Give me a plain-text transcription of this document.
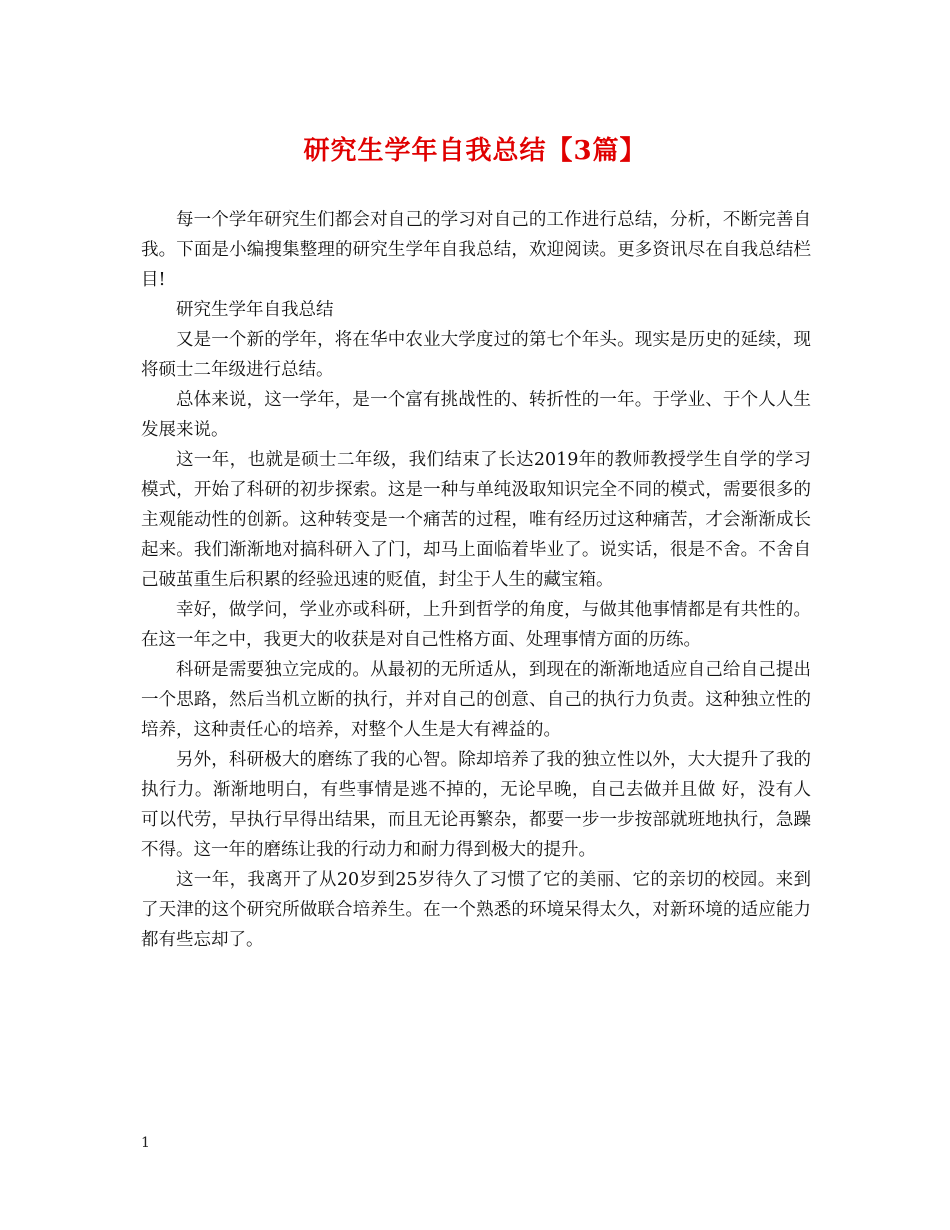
研究生学年自我总结【3篇】

每一个学年研究生们都会对自己的学习对自己的工作进行总结，分析，不断完善自我。下面是小编搜集整理的研究生学年自我总结，欢迎阅读。更多资讯尽在自我总结栏目!

研究生学年自我总结

又是一个新的学年，将在华中农业大学度过的第七个年头。现实是历史的延续，现将硕士二年级进行总结。

总体来说，这一学年，是一个富有挑战性的、转折性的一年。于学业、于个人人生发展来说。

这一年，也就是硕士二年级，我们结束了长达2019年的教师教授学生自学的学习模式，开始了科研的初步探索。这是一种与单纯汲取知识完全不同的模式，需要很多的主观能动性的创新。这种转变是一个痛苦的过程，唯有经历过这种痛苦，才会渐渐成长起来。我们渐渐地对搞科研入了门，却马上面临着毕业了。说实话，很是不舍。不舍自己破茧重生后积累的经验迅速的贬值，封尘于人生的藏宝箱。

幸好，做学问，学业亦或科研，上升到哲学的角度，与做其他事情都是有共性的。在这一年之中，我更大的收获是对自己性格方面、处理事情方面的历练。

科研是需要独立完成的。从最初的无所适从，到现在的渐渐地适应自己给自己提出一个思路，然后当机立断的执行，并对自己的创意、自己的执行力负责。这种独立性的培养，这种责任心的培养，对整个人生是大有裨益的。

另外，科研极大的磨练了我的心智。除却培养了我的独立性以外，大大提升了我的执行力。渐渐地明白，有些事情是逃不掉的，无论早晚，自己去做并且做 好，没有人可以代劳，早执行早得出结果，而且无论再繁杂，都要一步一步按部就班地执行，急躁不得。这一年的磨练让我的行动力和耐力得到极大的提升。

这一年，我离开了从20岁到25岁待久了习惯了它的美丽、它的亲切的校园。来到了天津的这个研究所做联合培养生。在一个熟悉的环境呆得太久，对新环境的适应能力都有些忘却了。

1
